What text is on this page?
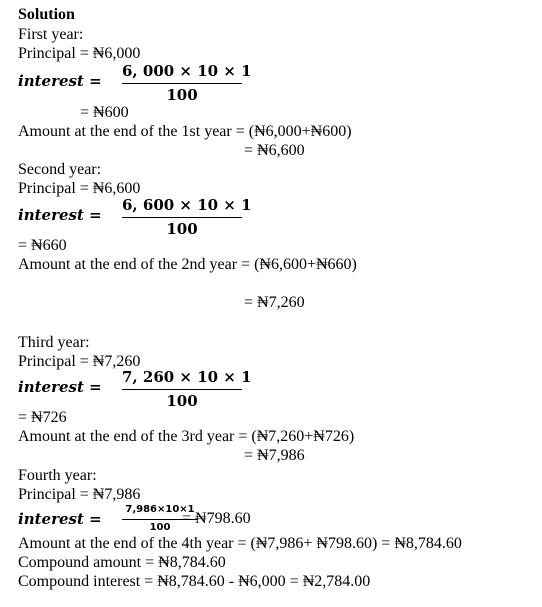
Solution
First year:
Principal = ₦6,000
interest =
6, 000 × 10 × 1
100
= ₦600
Amount at the end of the 1st year = (₦6,000+₦600)
= ₦6,600
Second year:
Principal = ₦6,600
interest =
6, 600 × 10 × 1
100
= ₦660
Amount at the end of the 2nd year = (₦6,600+₦660)
= ₦7,260
Third year:
Principal = ₦7,260
interest =
7, 260 × 10 × 1
100
= ₦726
Amount at the end of the 3rd year = (₦7,260+₦726)
= ₦7,986
Fourth year:
Principal = ₦7,986
interest =
7,986×10×1
100
= ₦798.60
Amount at the end of the 4th year = (₦7,986+ ₦798.60) = ₦8,784.60
Compound amount = ₦8,784.60
Compound interest = ₦8,784.60 - ₦6,000 = ₦2,784.00
